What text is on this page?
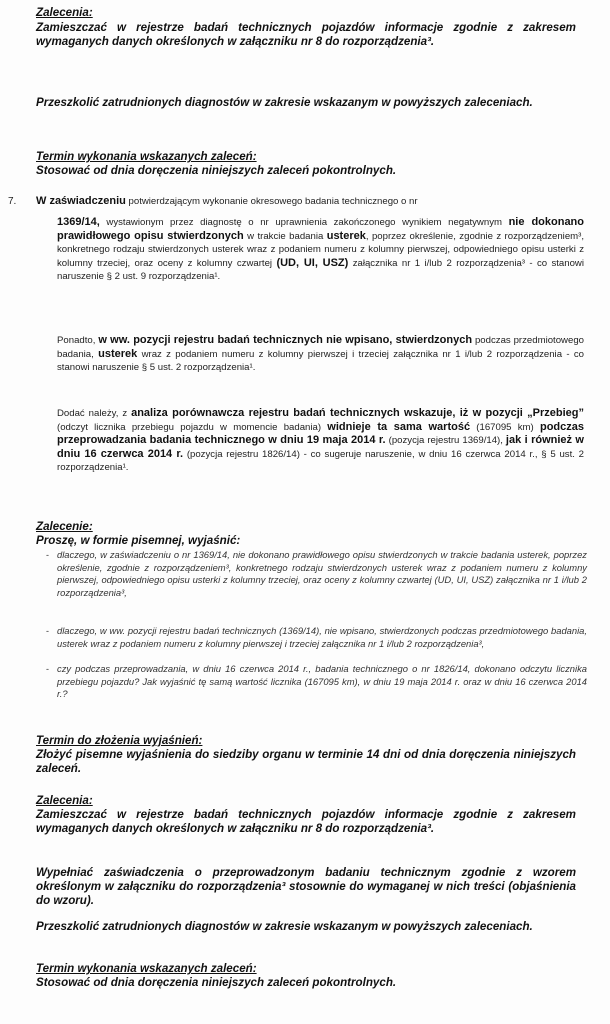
Zalecenia:

Zamieszczać w rejestrze badań technicznych pojazdów informacje zgodnie z zakresem wymaganych danych określonych w załączniku nr 8 do rozporządzenia³.

Przeszkolić zatrudnionych diagnostów w zakresie wskazanym w powyższych zaleceniach.

Termin wykonania wskazanych zaleceń:

Stosować od dnia doręczenia niniejszych zaleceń pokontrolnych.

7. W zaświadczeniu potwierdzającym wykonanie okresowego badania technicznego o nr

1369/14, wystawionym przez diagnostę o nr uprawnienia zakończonego wynikiem negatywnym nie dokonano prawidłowego opisu stwierdzonych w trakcie badania usterek, poprzez określenie, zgodnie z rozporządzeniem³, konkretnego rodzaju stwierdzonych usterek wraz z podaniem numeru z kolumny pierwszej, odpowiedniego opisu usterki z kolumny trzeciej, oraz oceny z kolumny czwartej (UD, UI, USZ) załącznika nr 1 i/lub 2 rozporządzenia³ - co stanowi naruszenie § 2 ust. 9 rozporządzenia¹.

Ponadto, w ww. pozycji rejestru badań technicznych nie wpisano, stwierdzonych podczas przedmiotowego badania, usterek wraz z podaniem numeru z kolumny pierwszej i trzeciej załącznika nr 1 i/lub 2 rozporządzenia - co stanowi naruszenie § 5 ust. 2 rozporządzenia¹.

Dodać należy, z analiza porównawcza rejestru badań technicznych wskazuje, iż w pozycji „Przebieg” (odczyt licznika przebiegu pojazdu w momencie badania) widnieje ta sama wartość (167095 km) podczas przeprowadzania badania technicznego w dniu 19 maja 2014 r. (pozycja rejestru 1369/14), jak i również w dniu 16 czerwca 2014 r. (pozycja rejestru 1826/14) - co sugeruje naruszenie, w dniu 16 czerwca 2014 r., § 5 ust. 2 rozporządzenia¹.

Zalecenie:

Proszę, w formie pisemnej, wyjaśnić:

- dlaczego, w zaświadczeniu o nr 1369/14, nie dokonano prawidłowego opisu stwierdzonych w trakcie badania usterek, poprzez określenie, zgodnie z rozporządzeniem³, konkretnego rodzaju stwierdzonych usterek wraz z podaniem numeru z kolumny pierwszej, odpowiedniego opisu usterki z kolumny trzeciej, oraz oceny z kolumny czwartej (UD, UI, USZ) załącznika nr 1 i/lub 2 rozporządzenia³,

- dlaczego, w ww. pozycji rejestru badań technicznych (1369/14), nie wpisano, stwierdzonych podczas przedmiotowego badania, usterek wraz z podaniem numeru z kolumny pierwszej i trzeciej załącznika nr 1 i/lub 2 rozporządzenia³,

- czy podczas przeprowadzania, w dniu 16 czerwca 2014 r., badania technicznego o nr 1826/14, dokonano odczytu licznika przebiegu pojazdu? Jak wyjaśnić tę samą wartość licznika (167095 km), w dniu 19 maja 2014 r. oraz w dniu 16 czerwca 2014 r.?

Termin do złożenia wyjaśnień:

Złożyć pisemne wyjaśnienia do siedziby organu w terminie 14 dni od dnia doręczenia niniejszych zaleceń.

Zalecenia:

Zamieszczać w rejestrze badań technicznych pojazdów informacje zgodnie z zakresem wymaganych danych określonych w załączniku nr 8 do rozporządzenia³.

Wypełniać zaświadczenia o przeprowadzonym badaniu technicznym zgodnie z wzorem określonym w załączniku do rozporządzenia³ stosownie do wymaganej w nich treści (objaśnienia do wzoru).

Przeszkolić zatrudnionych diagnostów w zakresie wskazanym w powyższych zaleceniach.

Termin wykonania wskazanych zaleceń:

Stosować od dnia doręczenia niniejszych zaleceń pokontrolnych.
